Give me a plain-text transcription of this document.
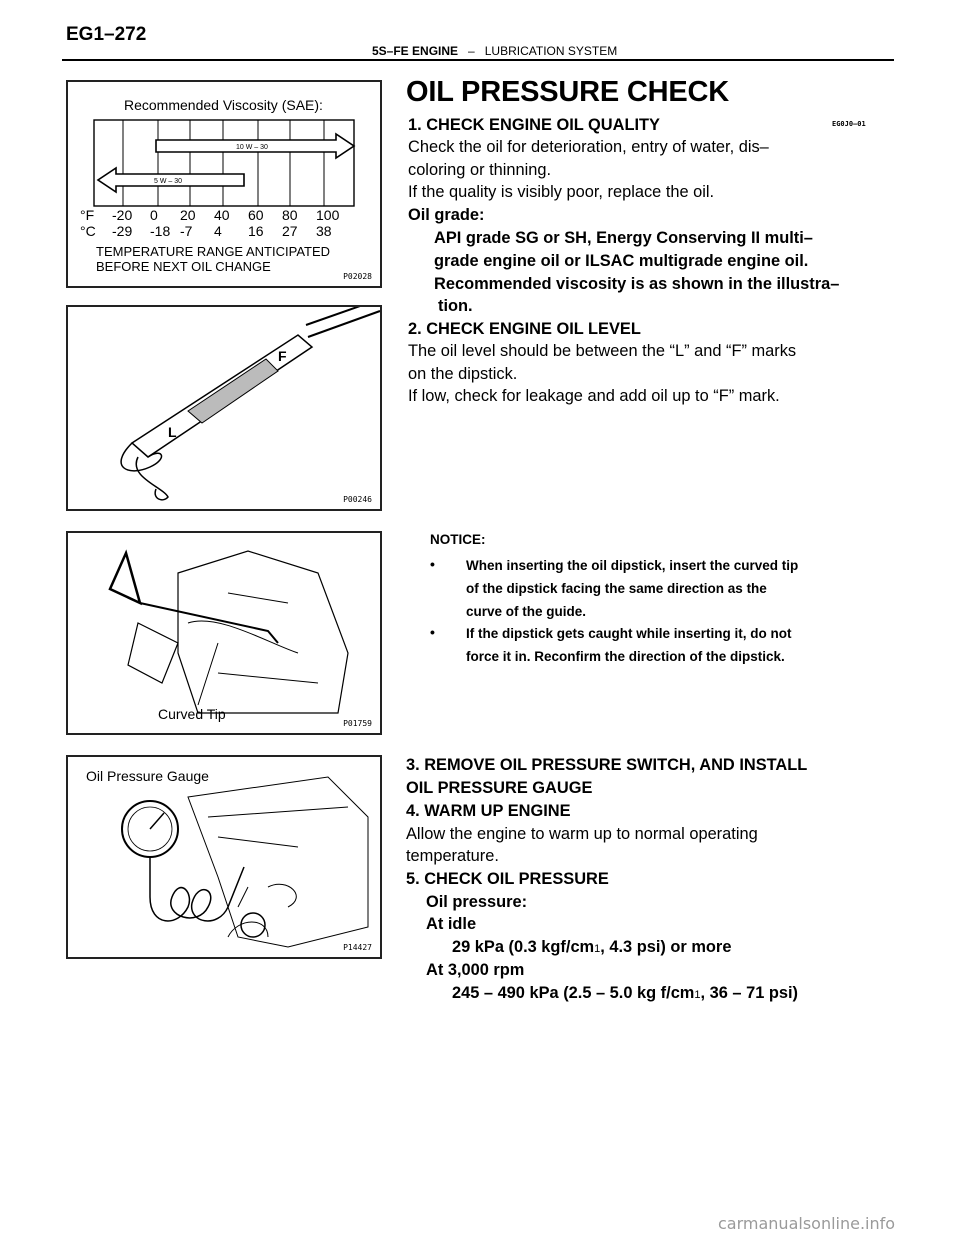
EG1–272
5S–FE ENGINE – LUBRICATION SYSTEM
Recommended Viscosity (SAE):
10 W – 30
5 W – 30
°F
°C
-20 0 20 40 60 80 100
-29 -18 -7 4 16 27 38
TEMPERATURE RANGE ANTICIPATED
BEFORE NEXT OIL CHANGE
P02028
L
F
P00246
Curved Tip
P01759
Oil Pressure Gauge
P14427
OIL PRESSURE CHECK
EG0J0–01
1. CHECK ENGINE OIL QUALITY
Check the oil for deterioration, entry of water, dis–
coloring or thinning.
If the quality is visibly poor, replace the oil.
Oil grade:
API grade SG or SH, Energy Conserving II multi–
grade engine oil or ILSAC multigrade engine oil.
Recommended viscosity is as shown in the illustra–
tion.
2. CHECK ENGINE OIL LEVEL
The oil level should be between the “L” and “F” marks
on the dipstick.
If low, check for leakage and add oil up to “F” mark.
NOTICE:
• When inserting the oil dipstick, insert the curved tip
of the dipstick facing the same direction as the
curve of the guide.
• If the dipstick gets caught while inserting it, do not
force it in. Reconfirm the direction of the dipstick.
3. REMOVE OIL PRESSURE SWITCH, AND INSTALL
OIL PRESSURE GAUGE
4. WARM UP ENGINE
Allow the engine to warm up to normal operating
temperature.
5. CHECK OIL PRESSURE
Oil pressure:
At idle
29 kPa (0.3 kgf/cm1, 4.3 psi) or more
At 3,000 rpm
245 – 490 kPa (2.5 – 5.0 kg f/cm1, 36 – 71 psi)
carmanualsonline.info
